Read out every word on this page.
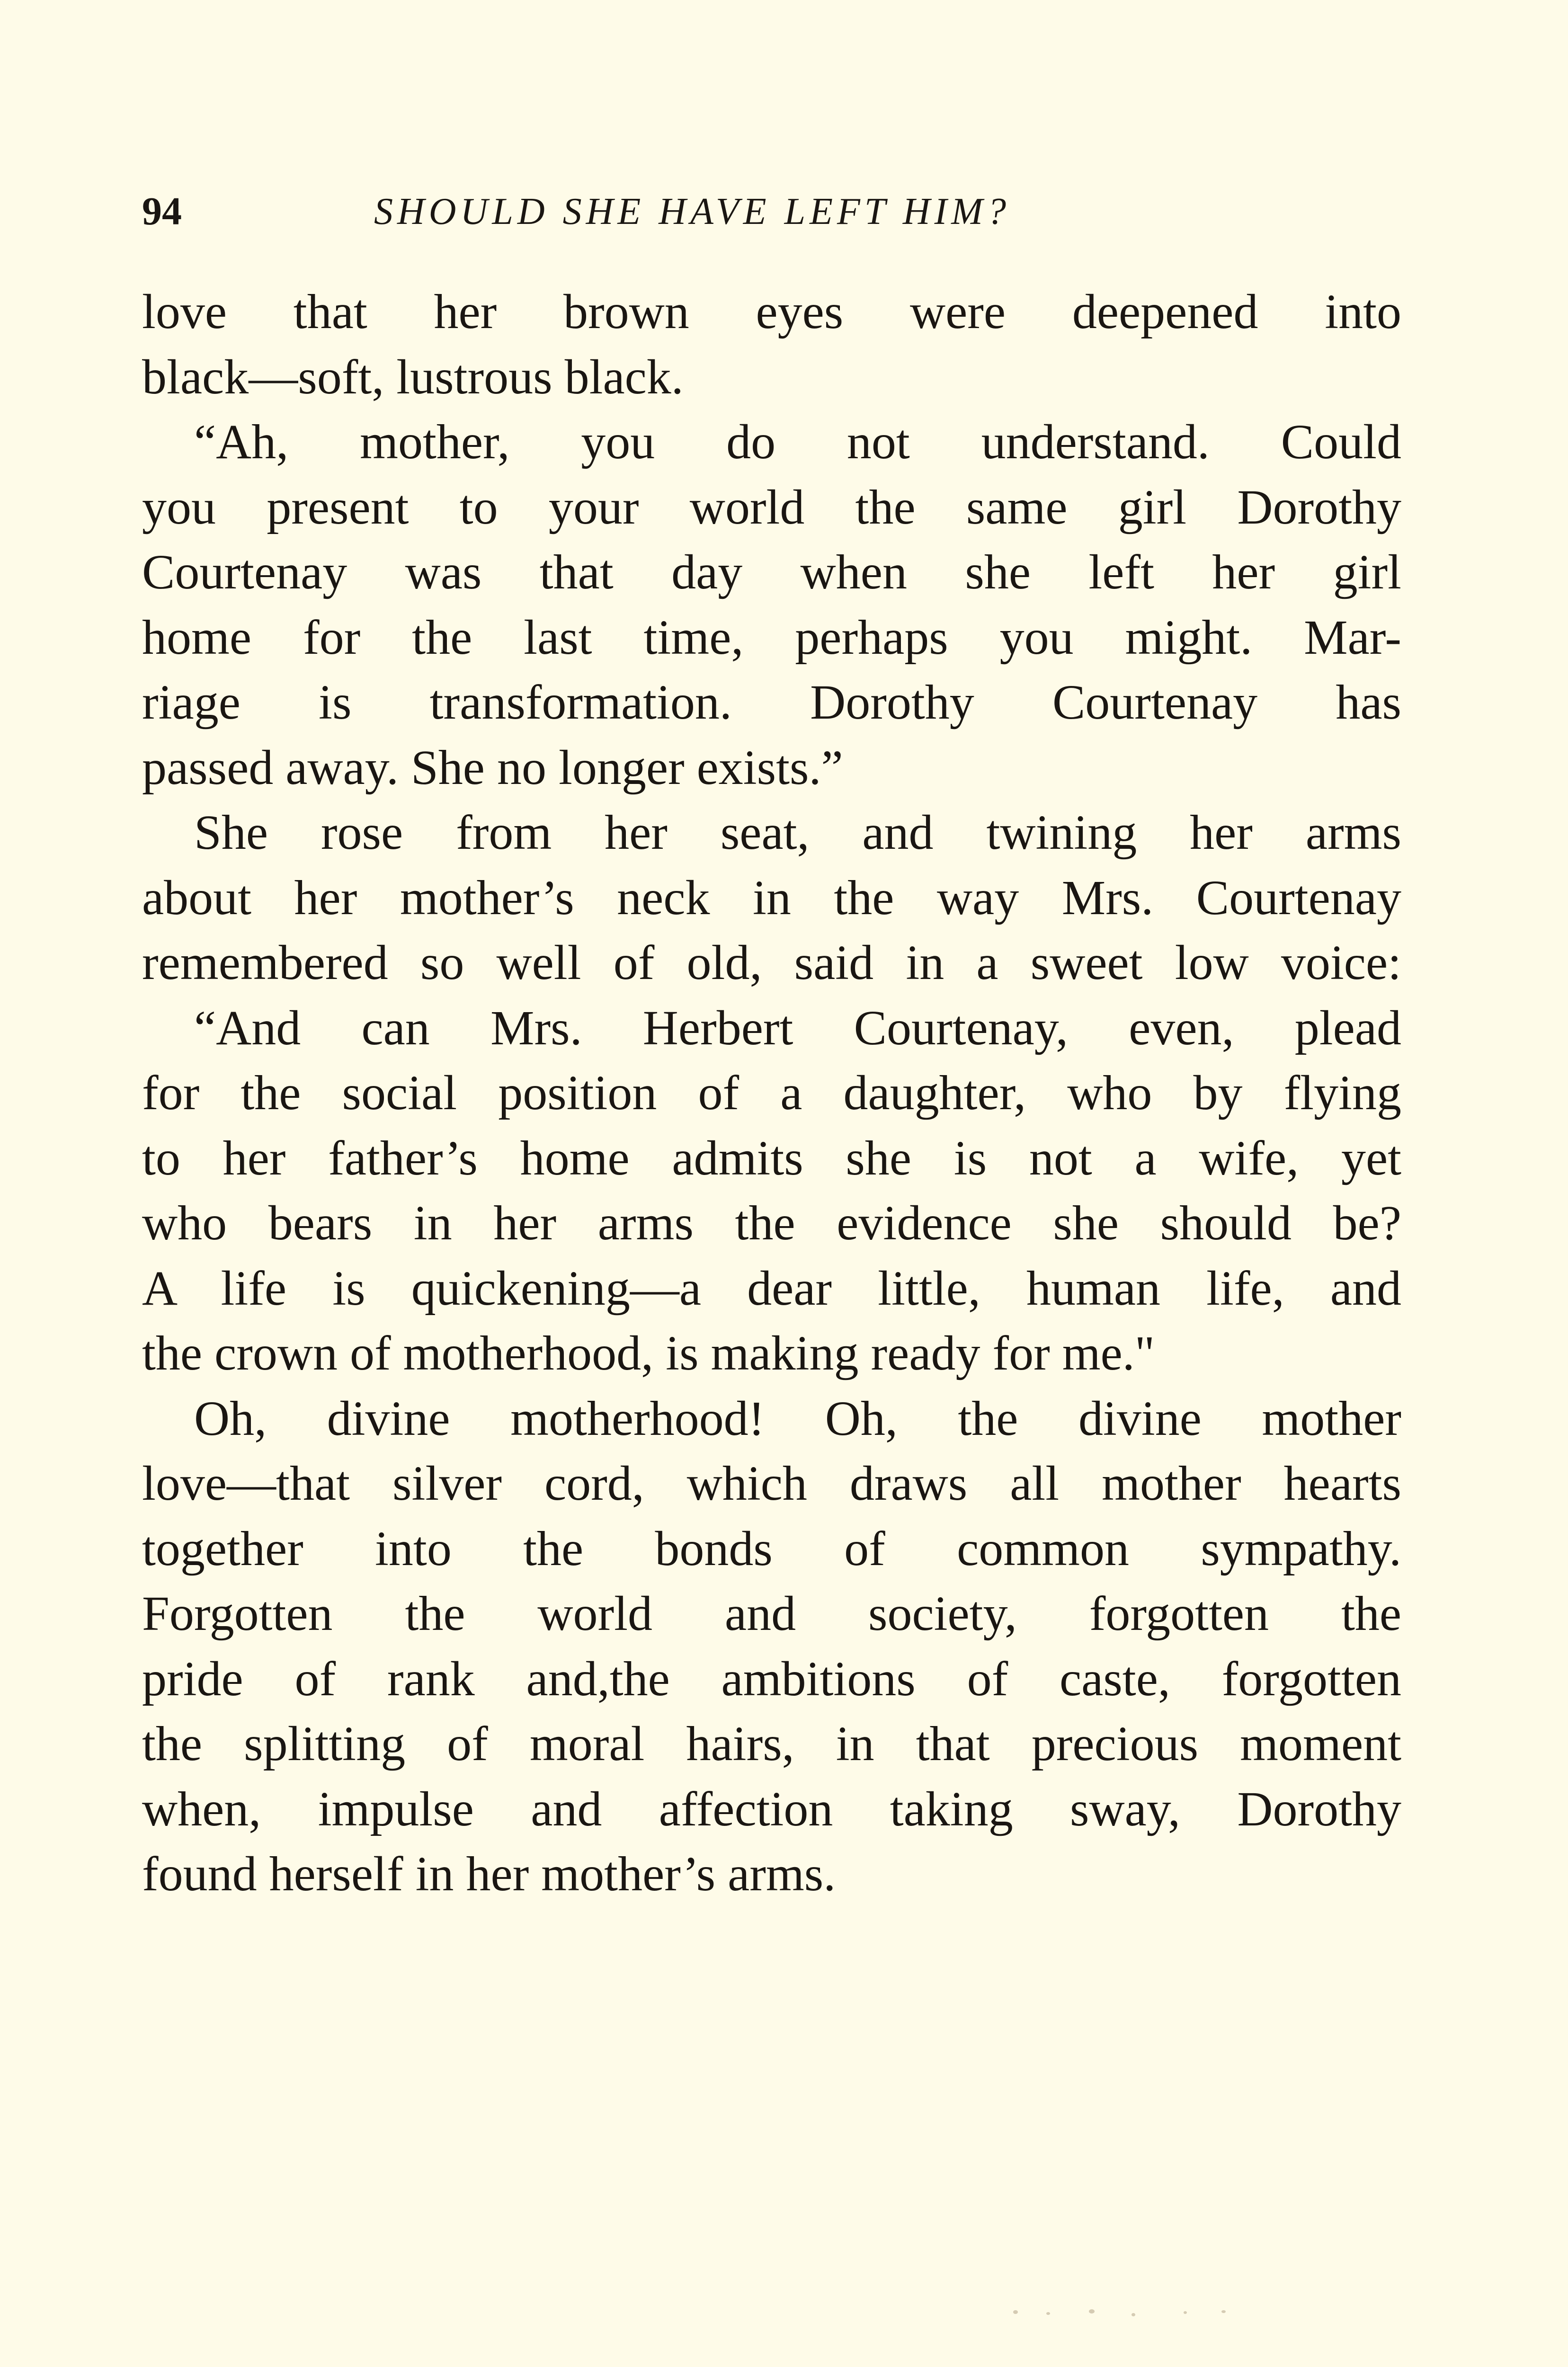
94	SHOULD SHE HAVE LEFT HIM?
love that her brown eyes were deepened into
black—soft, lustrous black.
“Ah, mother, you do not understand. Could
you present to your world the same girl Dorothy
Courtenay was that day when she left her girl
home for the last time, perhaps you might. Mar-
riage is transformation. Dorothy Courtenay has
passed away. She no longer exists.”
She rose from her seat, and twining her arms
about her mother’s neck in the way Mrs. Courtenay
remembered so well of old, said in a sweet low voice:
“And can Mrs. Herbert Courtenay, even, plead
for the social position of a daughter, who by flying
to her father’s home admits she is not a wife, yet
who bears in her arms the evidence she should be?
A life is quickening—a dear little, human life, and
the crown of motherhood, is making ready for me."
Oh, divine motherhood! Oh, the divine mother
love—that silver cord, which draws all mother hearts
together into the bonds of common sympathy.
Forgotten the world and society, forgotten the
pride of rank and,the ambitions of caste, forgotten
the splitting of moral hairs, in that precious moment
when, impulse and affection taking sway, Dorothy
found herself in her mother’s arms.
